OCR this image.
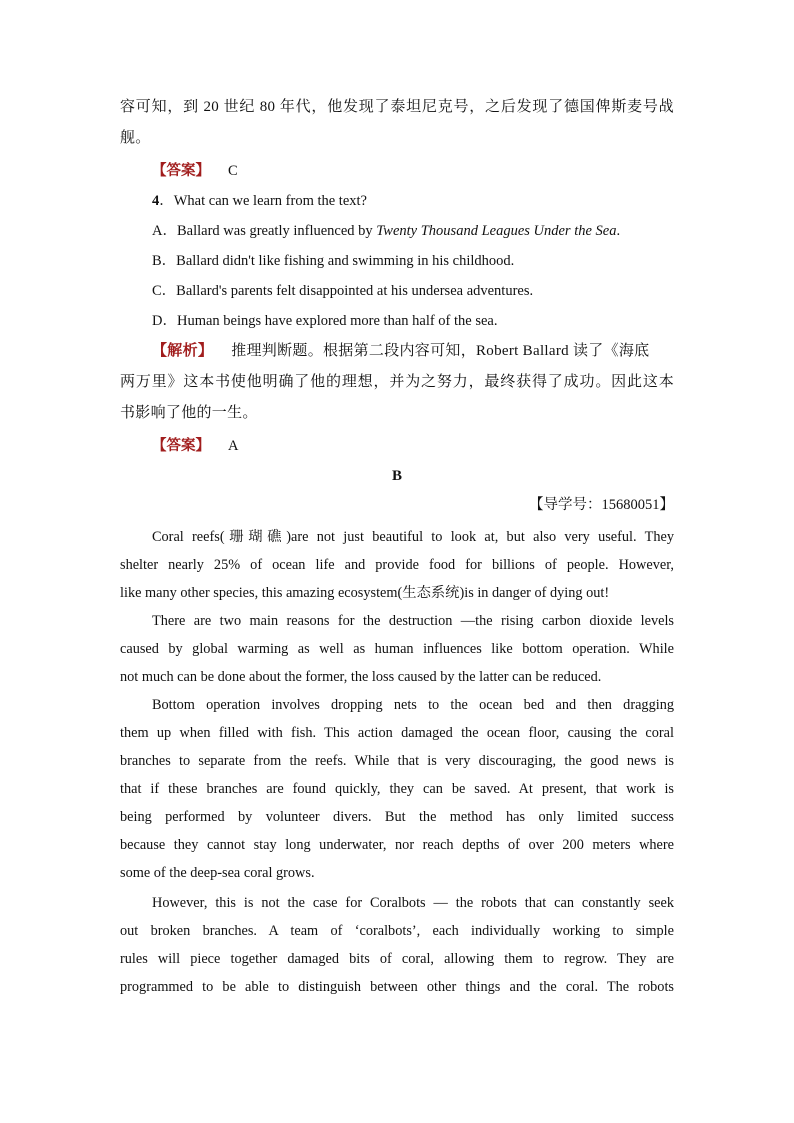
容可知，到 20 世纪 80 年代，他发现了泰坦尼克号，之后发现了德国俾斯麦号战
舰。
【答案】 C
4．What can we learn from the text?
A．Ballard was greatly influenced by Twenty Thousand Leagues Under the Sea.
B．Ballard didn't like fishing and swimming in his childhood.
C．Ballard's parents felt disappointed at his undersea adventures.
D．Human beings have explored more than half of the sea.
【解析】 推理判断题。根据第二段内容可知，Robert Ballard 读了《海底
两万里》这本书使他明确了他的理想，并为之努力，最终获得了成功。因此这本
书影响了他的一生。
【答案】 A
B
【导学号：15680051】
Coral reefs(珊瑚礁)are not just beautiful to look at, but also very useful. They
shelter nearly 25% of ocean life and provide food for billions of people. However,
like many other species, this amazing ecosystem(生态系统)is in danger of dying out!
There are two main reasons for the destruction —the rising carbon dioxide levels
caused by global warming as well as human influences like bottom operation. While
not much can be done about the former, the loss caused by the latter can be reduced.
Bottom operation involves dropping nets to the ocean bed and then dragging
them up when filled with fish. This action damaged the ocean floor, causing the coral
branches to separate from the reefs. While that is very discouraging, the good news is
that if these branches are found quickly, they can be saved. At present, that work is
being performed by volunteer divers. But the method has only limited success
because they cannot stay long underwater, nor reach depths of over 200 meters where
some of the deep-sea coral grows.
However, this is not the case for Coralbots — the robots that can constantly seek
out broken branches. A team of ‘coralbots’, each individually working to simple
rules will piece together damaged bits of coral, allowing them to regrow. They are
programmed to be able to distinguish between other things and the coral. The robots
